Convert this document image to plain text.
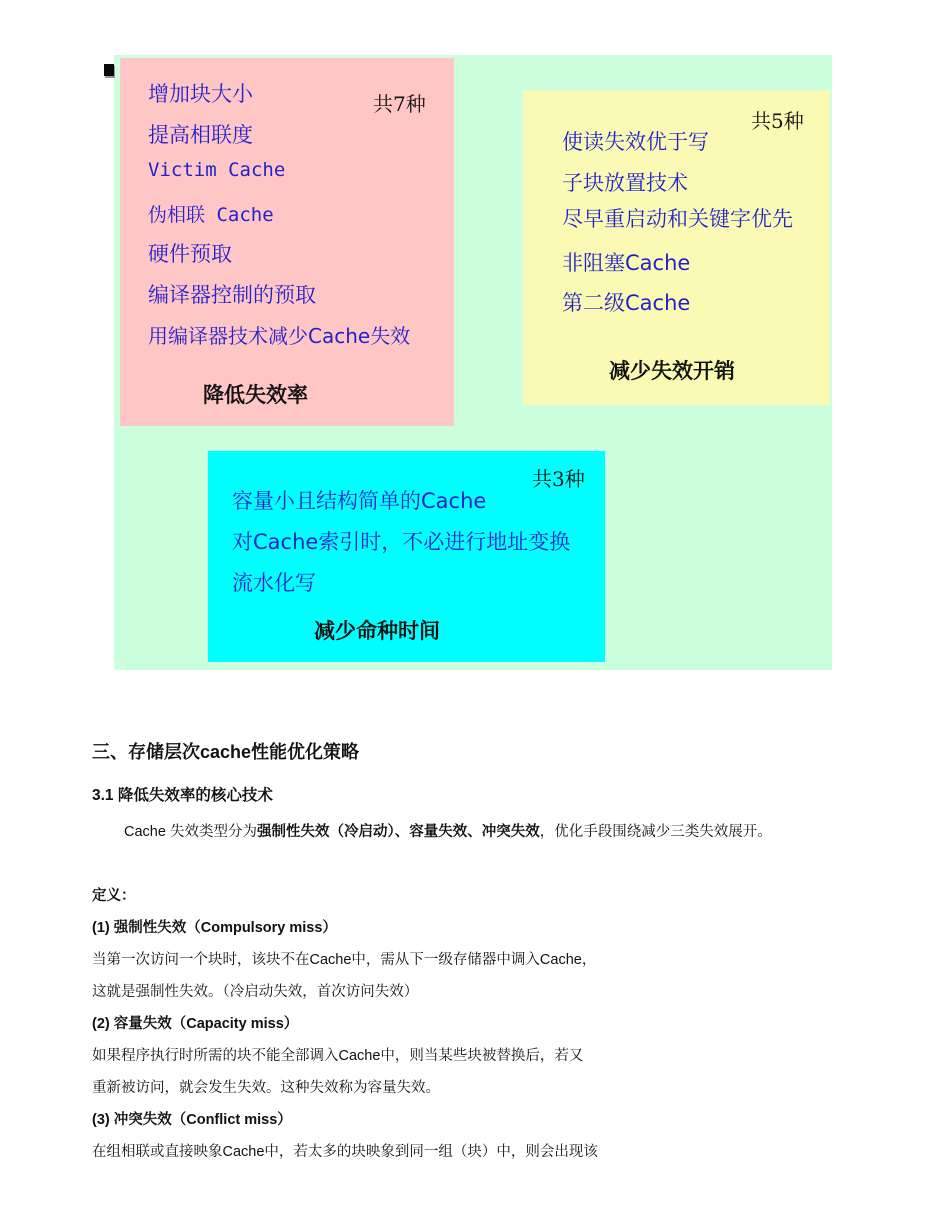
共7种
增加块大小
提高相联度
Victim Cache
伪相联 Cache
硬件预取
编译器控制的预取
用编译器技术减少Cache失效
降低失效率
共5种
使读失效优于写
子块放置技术
尽早重启动和关键字优先
非阻塞Cache
第二级Cache
减少失效开销
共3种
容量小且结构简单的Cache
对Cache索引时，不必进行地址变换
流水化写
减少命种时间
三、存储层次cache性能优化策略
3.1 降低失效率的核心技术
Cache 失效类型分为强制性失效（冷启动）、容量失效、冲突失效，优化手段围绕减少三类失效展开。
定义：
(1) 强制性失效（Compulsory miss）
当第一次访问一个块时，该块不在Cache中，需从下一级存储器中调入Cache，
这就是强制性失效。（冷启动失效，首次访问失效）
(2) 容量失效（Capacity miss）
如果程序执行时所需的块不能全部调入Cache中，则当某些块被替换后，若又
重新被访问，就会发生失效。这种失效称为容量失效。
(3) 冲突失效（Conflict miss）
在组相联或直接映象Cache中，若太多的块映象到同一组（块）中，则会出现该
